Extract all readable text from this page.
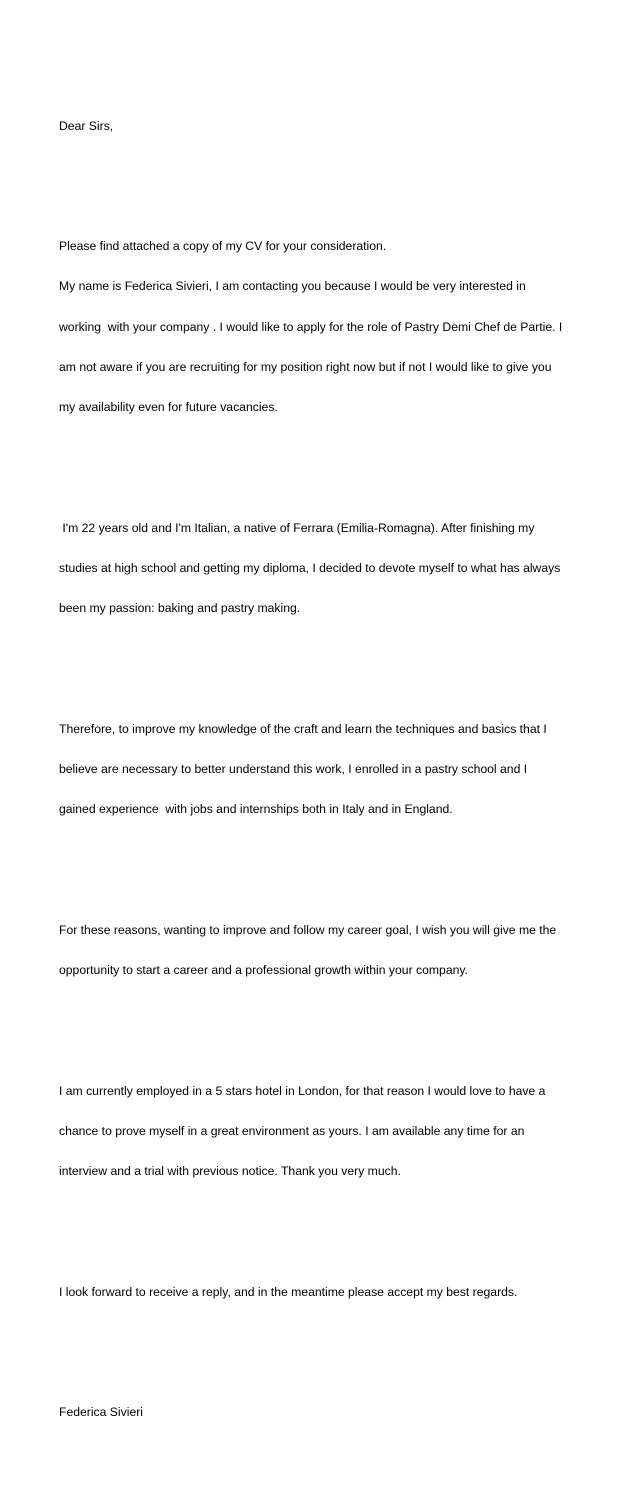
Dear Sirs,

Please find attached a copy of my CV for your consideration.

My name is Federica Sivieri, I am contacting you because I would be very interested in

working  with your company . I would like to apply for the role of Pastry Demi Chef de Partie. I

am not aware if you are recruiting for my position right now but if not I would like to give you

my availability even for future vacancies.

I'm 22 years old and I'm Italian, a native of Ferrara (Emilia-Romagna). After finishing my

studies at high school and getting my diploma, I decided to devote myself to what has always

been my passion: baking and pastry making.

Therefore, to improve my knowledge of the craft and learn the techniques and basics that I

believe are necessary to better understand this work, I enrolled in a pastry school and I

gained experience  with jobs and internships both in Italy and in England.

For these reasons, wanting to improve and follow my career goal, I wish you will give me the

opportunity to start a career and a professional growth within your company.

I am currently employed in a 5 stars hotel in London, for that reason I would love to have a

chance to prove myself in a great environment as yours. I am available any time for an

interview and a trial with previous notice. Thank you very much.

I look forward to receive a reply, and in the meantime please accept my best regards.

Federica Sivieri
